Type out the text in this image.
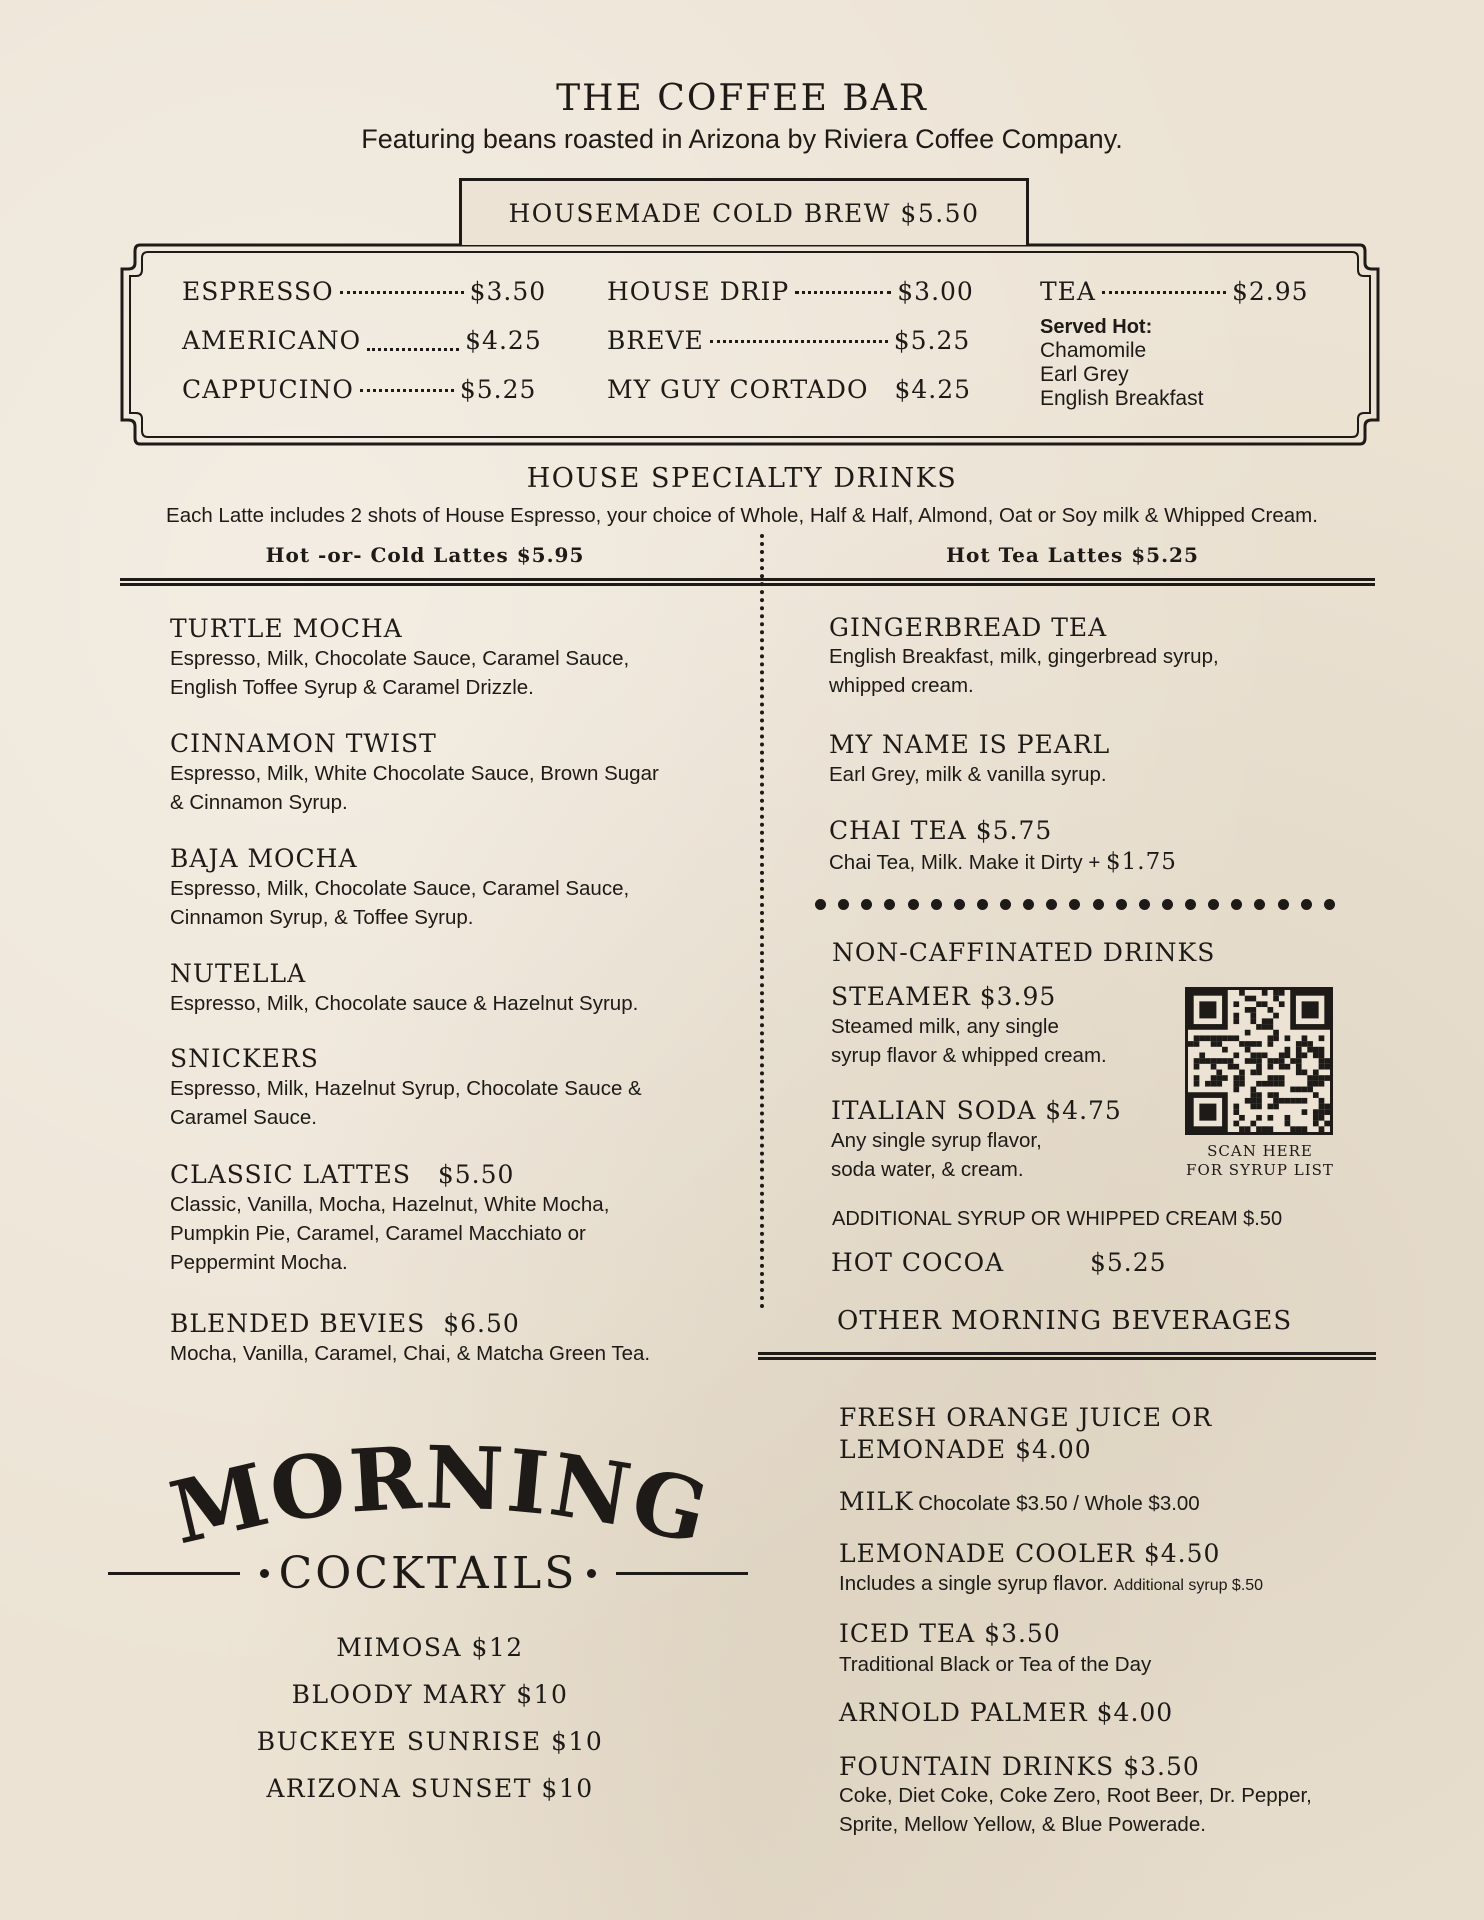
THE COFFEE BAR
Featuring beans roasted in Arizona by Riviera Coffee Company.
HOUSEMADE COLD BREW $5.50
ESPRESSO	$3.50
AMERICANO	$4.25
CAPPUCINO	$5.25
HOUSE DRIP	$3.00
BREVE	$5.25
MY GUY CORTADO $4.25
TEA	$2.95
Served Hot:
Chamomile
Earl Grey
English Breakfast
HOUSE SPECIALTY DRINKS
Each Latte includes 2 shots of House Espresso, your choice of Whole, Half & Half, Almond, Oat or Soy milk & Whipped Cream.
Hot -or- Cold Lattes $5.95	Hot Tea Lattes $5.25
TURTLE MOCHA
Espresso, Milk, Chocolate Sauce, Caramel Sauce,
English Toffee Syrup & Caramel Drizzle.
CINNAMON TWIST
Espresso, Milk, White Chocolate Sauce, Brown Sugar
& Cinnamon Syrup.
BAJA MOCHA
Espresso, Milk, Chocolate Sauce, Caramel Sauce,
Cinnamon Syrup, & Toffee Syrup.
NUTELLA
Espresso, Milk, Chocolate sauce & Hazelnut Syrup.
SNICKERS
Espresso, Milk, Hazelnut Syrup, Chocolate Sauce &
Caramel Sauce.
CLASSIC LATTES   $5.50
Classic, Vanilla, Mocha, Hazelnut, White Mocha,
Pumpkin Pie, Caramel, Caramel Macchiato or
Peppermint Mocha.
BLENDED BEVIES  $6.50
Mocha, Vanilla, Caramel, Chai, & Matcha Green Tea.
GINGERBREAD TEA
English Breakfast, milk, gingerbread syrup,
whipped cream.
MY NAME IS PEARL
Earl Grey, milk & vanilla syrup.
CHAI TEA $5.75
Chai Tea, Milk. Make it Dirty + $1.75
NON-CAFFINATED DRINKS
STEAMER $3.95
Steamed milk, any single
syrup flavor & whipped cream.
ITALIAN SODA $4.75
Any single syrup flavor,
soda water, & cream.
SCAN HERE
FOR SYRUP LIST
ADDITIONAL SYRUP OR WHIPPED CREAM $.50
HOT COCOA	$5.25
OTHER MORNING BEVERAGES
FRESH ORANGE JUICE OR
LEMONADE $4.00
MILK Chocolate $3.50 / Whole $3.00
LEMONADE COOLER $4.50
Includes a single syrup flavor. Additional syrup $.50
ICED TEA $3.50
Traditional Black or Tea of the Day
ARNOLD PALMER $4.00
FOUNTAIN DRINKS $3.50
Coke, Diet Coke, Coke Zero, Root Beer, Dr. Pepper,
Sprite, Mellow Yellow, & Blue Powerade.
MORNING
COCKTAILS
MIMOSA $12
BLOODY MARY $10
BUCKEYE SUNRISE $10
ARIZONA SUNSET $10
